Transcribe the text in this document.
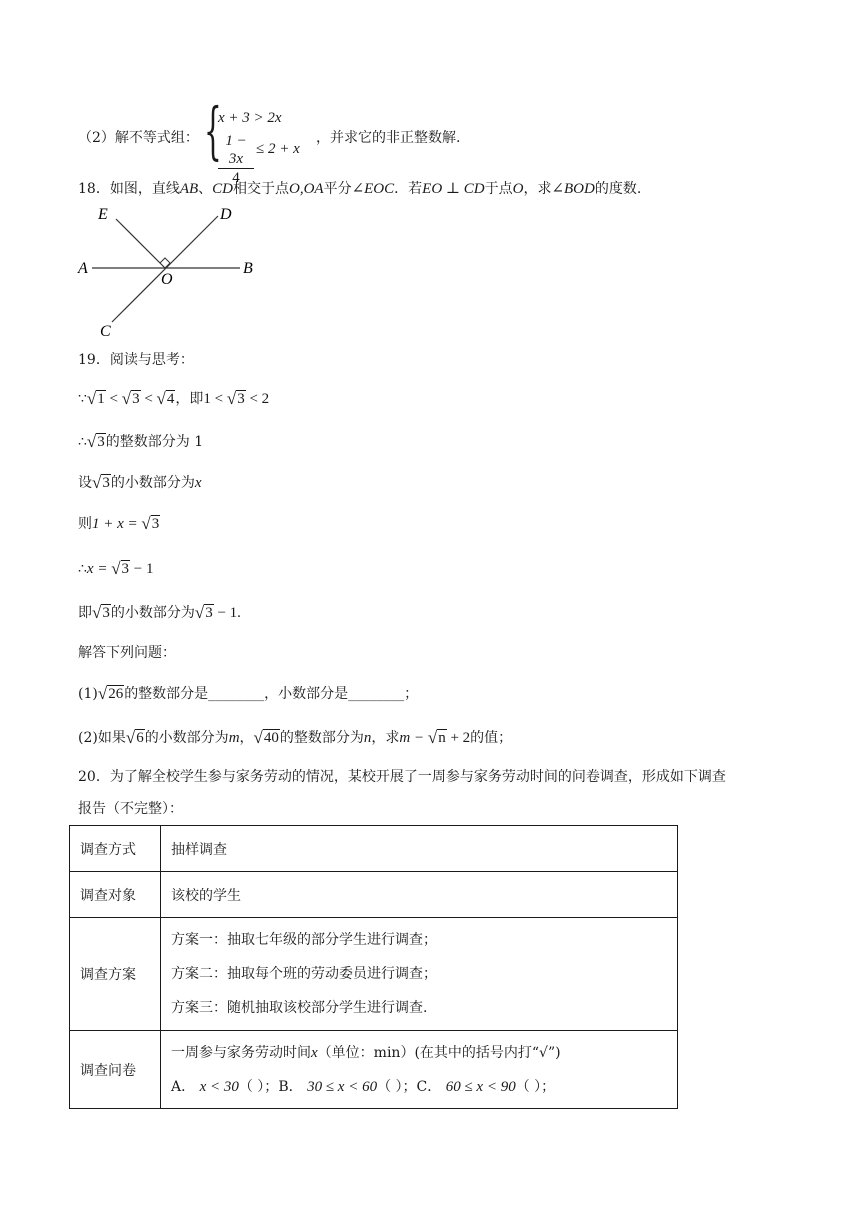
（2）解不等式组： {
x + 3 > 2x
$\frac{1 - 3x}{4} \le 2 + x$
，并求它的非正整数解.
18．如图，直线AB、CD相交于点O,OA平分∠EOC．若EO ⊥ CD于点O，求∠BOD的度数.
E	D
A	B
O
C
19．阅读与思考：
∵√1 < √3 < √4，即1 < √3 < 2
∴√3的整数部分为 1
设√3的小数部分为x
则1 + x = √3
∴x = √3 − 1
即√3的小数部分为√3 − 1.
解答下列问题：
(1)√26的整数部分是________，小数部分是________；
(2)如果√6的小数部分为m，√40的整数部分为n，求m − √n + 2的值；
20．为了解全校学生参与家务劳动的情况，某校开展了一周参与家务劳动时间的问卷调查，形成如下调查
报告（不完整）：
调查方式	抽样调查
调查对象	该校的学生
调查方案	方案一：抽取七年级的部分学生进行调查；
方案二：抽取每个班的劳动委员进行调查；
方案三：随机抽取该校部分学生进行调查.

调查问卷	一周参与家务劳动时间x（单位：min）(在其中的括号内打“√”)
A． x < 30（ ）；B． 30 ≤ x < 60（ ）；C． 60 ≤ x < 90（ ）；
